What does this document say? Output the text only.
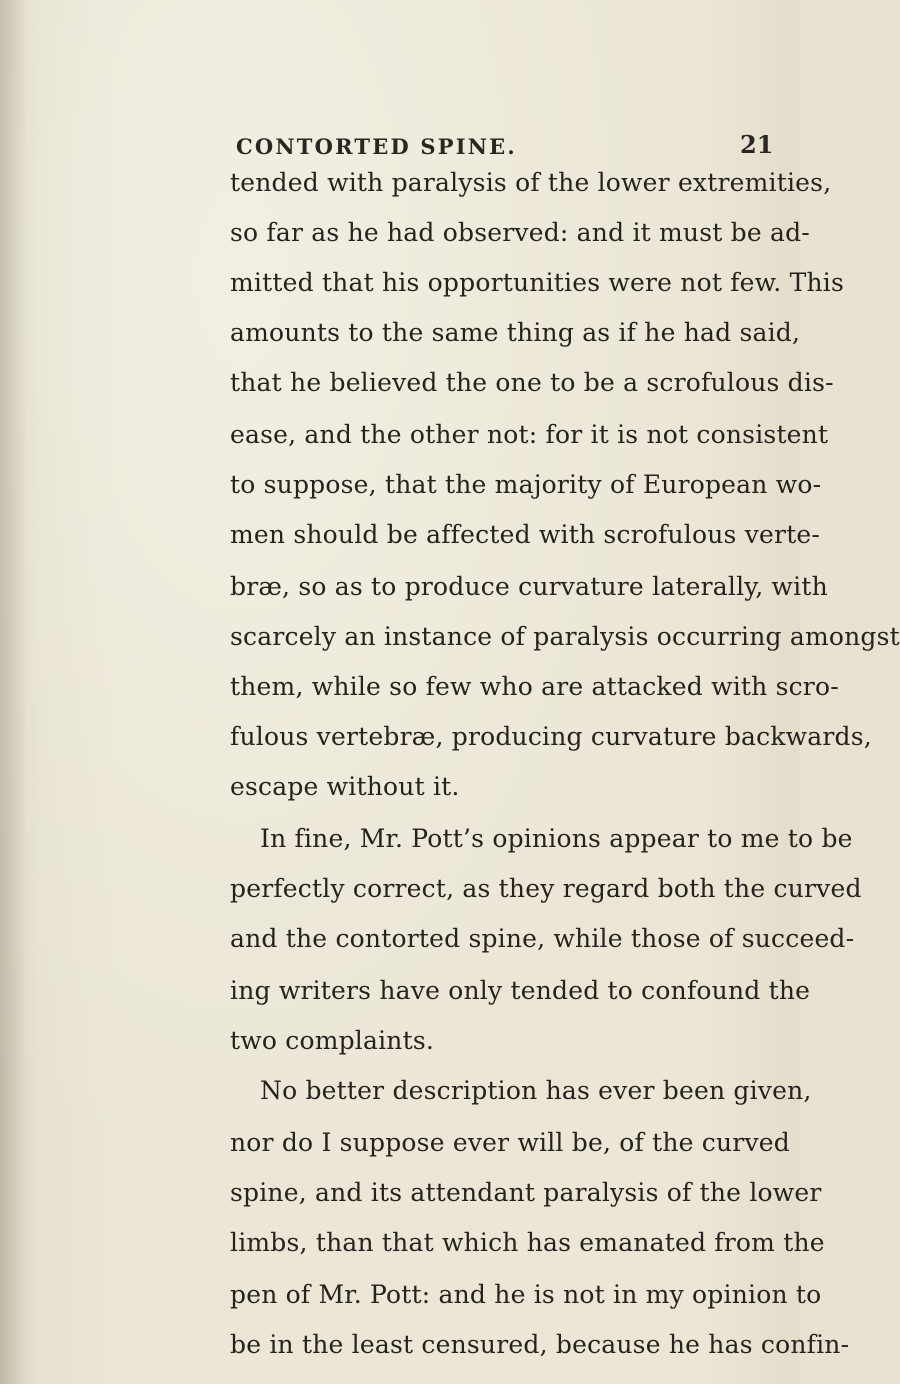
CONTORTED SPINE.	21
tended with paralysis of the lower extremities,
so far as he had observed: and it must be ad-
mitted that his opportunities were not few. This
amounts to the same thing as if he had said,
that he believed the one to be a scrofulous dis-
ease, and the other not: for it is not consistent
to suppose, that the majority of European wo-
men should be affected with scrofulous verte-
bræ, so as to produce curvature laterally, with
scarcely an instance of paralysis occurring amongst
them, while so few who are attacked with scro-
fulous vertebræ, producing curvature backwards,
escape without it.
In fine, Mr. Pott’s opinions appear to me to be
perfectly correct, as they regard both the curved
and the contorted spine, while those of succeed-
ing writers have only tended to confound the
two complaints.
No better description has ever been given,
nor do I suppose ever will be, of the curved
spine, and its attendant paralysis of the lower
limbs, than that which has emanated from the
pen of Mr. Pott: and he is not in my opinion to
be in the least censured, because he has confin-
